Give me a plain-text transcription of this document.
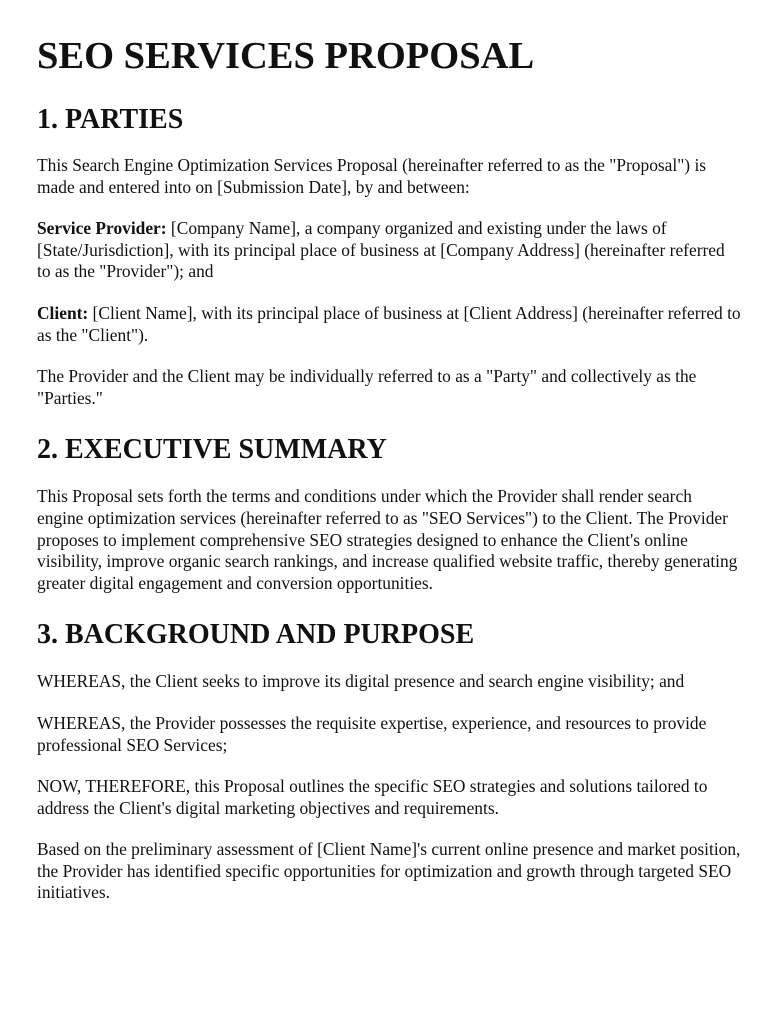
SEO SERVICES PROPOSAL
1. PARTIES

This Search Engine Optimization Services Proposal (hereinafter referred to as the "Proposal") is made and entered into on [Submission Date], by and between:

Service Provider: [Company Name], a company organized and existing under the laws of [State/Jurisdiction], with its principal place of business at [Company Address] (hereinafter referred to as the "Provider"); and

Client: [Client Name], with its principal place of business at [Client Address] (hereinafter referred to as the "Client").

The Provider and the Client may be individually referred to as a "Party" and collectively as the "Parties."

2. EXECUTIVE SUMMARY

This Proposal sets forth the terms and conditions under which the Provider shall render search engine optimization services (hereinafter referred to as "SEO Services") to the Client. The Provider proposes to implement comprehensive SEO strategies designed to enhance the Client's online visibility, improve organic search rankings, and increase qualified website traffic, thereby generating greater digital engagement and conversion opportunities.

3. BACKGROUND AND PURPOSE

WHEREAS, the Client seeks to improve its digital presence and search engine visibility; and

WHEREAS, the Provider possesses the requisite expertise, experience, and resources to provide professional SEO Services;

NOW, THEREFORE, this Proposal outlines the specific SEO strategies and solutions tailored to address the Client's digital marketing objectives and requirements.

Based on the preliminary assessment of [Client Name]'s current online presence and market position, the Provider has identified specific opportunities for optimization and growth through targeted SEO initiatives.
